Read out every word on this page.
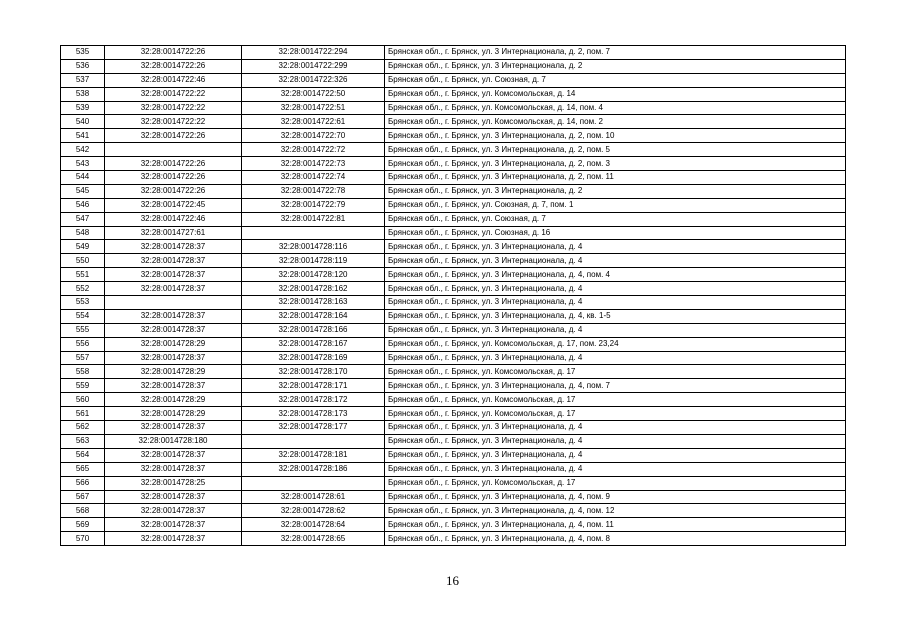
535	32:28:0014722:26	32:28:0014722:294	Брянская обл., г. Брянск, ул. 3 Интернационала, д. 2, пом. 7
536	32:28:0014722:26	32:28:0014722:299	Брянская обл., г. Брянск, ул. 3 Интернационала, д. 2
537	32:28:0014722:46	32:28:0014722:326	Брянская обл., г. Брянск, ул. Союзная, д. 7
538	32:28:0014722:22	32:28:0014722:50	Брянская обл., г. Брянск, ул. Комсомольская, д. 14
539	32:28:0014722:22	32:28:0014722:51	Брянская обл., г. Брянск, ул. Комсомольская, д. 14, пом. 4
540	32:28:0014722:22	32:28:0014722:61	Брянская обл., г. Брянск, ул. Комсомольская, д. 14, пом. 2
541	32:28:0014722:26	32:28:0014722:70	Брянская обл., г. Брянск, ул. 3 Интернационала, д. 2, пом. 10
542		32:28:0014722:72	Брянская обл., г. Брянск, ул. 3 Интернационала, д. 2, пом. 5
543	32:28:0014722:26	32:28:0014722:73	Брянская обл., г. Брянск, ул. 3 Интернационала, д. 2, пом. 3
544	32:28:0014722:26	32:28:0014722:74	Брянская обл., г. Брянск, ул. 3 Интернационала, д. 2, пом. 11
545	32:28:0014722:26	32:28:0014722:78	Брянская обл., г. Брянск, ул. 3 Интернационала, д. 2
546	32:28:0014722:45	32:28:0014722:79	Брянская обл., г. Брянск, ул. Союзная, д. 7, пом. 1
547	32:28:0014722:46	32:28:0014722:81	Брянская обл., г. Брянск, ул. Союзная, д. 7
548	32:28:0014727:61		Брянская обл., г. Брянск, ул. Союзная, д. 16
549	32:28:0014728:37	32:28:0014728:116	Брянская обл., г. Брянск, ул. 3 Интернационала, д. 4
550	32:28:0014728:37	32:28:0014728:119	Брянская обл., г. Брянск, ул. 3 Интернационала, д. 4
551	32:28:0014728:37	32:28:0014728:120	Брянская обл., г. Брянск, ул. 3 Интернационала, д. 4, пом. 4
552	32:28:0014728:37	32:28:0014728:162	Брянская обл., г. Брянск, ул. 3 Интернационала, д. 4
553		32:28:0014728:163	Брянская обл., г. Брянск, ул. 3 Интернационала, д. 4
554	32:28:0014728:37	32:28:0014728:164	Брянская обл., г. Брянск, ул. 3 Интернационала, д. 4, кв. 1-5
555	32:28:0014728:37	32:28:0014728:166	Брянская обл., г. Брянск, ул. 3 Интернационала, д. 4
556	32:28:0014728:29	32:28:0014728:167	Брянская обл., г. Брянск, ул. Комсомольская, д. 17, пом. 23,24
557	32:28:0014728:37	32:28:0014728:169	Брянская обл., г. Брянск, ул. 3 Интернационала, д. 4
558	32:28:0014728:29	32:28:0014728:170	Брянская обл., г. Брянск, ул. Комсомольская, д. 17
559	32:28:0014728:37	32:28:0014728:171	Брянская обл., г. Брянск, ул. 3 Интернационала, д. 4, пом. 7
560	32:28:0014728:29	32:28:0014728:172	Брянская обл., г. Брянск, ул. Комсомольская, д. 17
561	32:28:0014728:29	32:28:0014728:173	Брянская обл., г. Брянск, ул. Комсомольская, д. 17
562	32:28:0014728:37	32:28:0014728:177	Брянская обл., г. Брянск, ул. 3 Интернационала, д. 4
563	32:28:0014728:180		Брянская обл., г. Брянск, ул. 3 Интернационала, д. 4
564	32:28:0014728:37	32:28:0014728:181	Брянская обл., г. Брянск, ул. 3 Интернационала, д. 4
565	32:28:0014728:37	32:28:0014728:186	Брянская обл., г. Брянск, ул. 3 Интернационала, д. 4
566	32:28:0014728:25		Брянская обл., г. Брянск, ул. Комсомольская, д. 17
567	32:28:0014728:37	32:28:0014728:61	Брянская обл., г. Брянск, ул. 3 Интернационала, д. 4, пом. 9
568	32:28:0014728:37	32:28:0014728:62	Брянская обл., г. Брянск, ул. 3 Интернационала, д. 4, пом. 12
569	32:28:0014728:37	32:28:0014728:64	Брянская обл., г. Брянск, ул. 3 Интернационала, д. 4, пом. 11
570	32:28:0014728:37	32:28:0014728:65	Брянская обл., г. Брянск, ул. 3 Интернационала, д. 4, пом. 8
16
